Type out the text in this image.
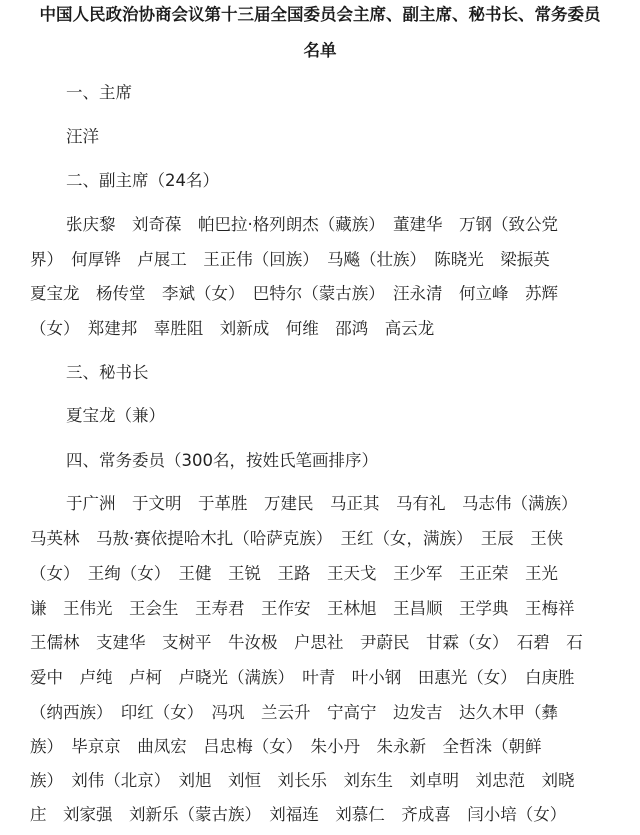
中国人民政治协商会议第十三届全国委员会主席、副主席、秘书长、常务委员
名单
一、主席
汪洋
二、副主席（24名）
张庆黎　刘奇葆　帕巴拉·格列朗杰（藏族）　董建华　万钢（致公党
界）　何厚铧　卢展工　王正伟（回族）　马飚（壮族）　陈晓光　梁振英
夏宝龙　杨传堂　李斌（女）　巴特尔（蒙古族）　汪永清　何立峰　苏辉
（女）　郑建邦　辜胜阻　刘新成　何维　邵鸿　高云龙
三、秘书长
夏宝龙（兼）
四、常务委员（300名，按姓氏笔画排序）
于广洲　于文明　于革胜　万建民　马正其　马有礼　马志伟（满族）
马英林　马敖·赛依提哈木扎（哈萨克族）　王红（女，满族）　王辰　王侠
（女）　王绚（女）　王健　王锐　王路　王天戈　王少军　王正荣　王光
谦　王伟光　王会生　王寿君　王作安　王林旭　王昌顺　王学典　王梅祥
王儒林　支建华　支树平　牛汝极　户思社　尹蔚民　甘霖（女）　石碧　石
爱中　卢纯　卢柯　卢晓光（满族）　叶青　叶小钢　田惠光（女）　白庚胜
（纳西族）　印红（女）　冯巩　兰云升　宁高宁　边发吉　达久木甲（彝
族）　毕京京　曲凤宏　吕忠梅（女）　朱小丹　朱永新　全哲洙（朝鲜
族）　刘伟（北京）　刘旭　刘恒　刘长乐　刘东生　刘卓明　刘忠范　刘晓
庄　刘家强　刘新乐（蒙古族）　刘福连　刘慕仁　齐成喜　闫小培（女）
